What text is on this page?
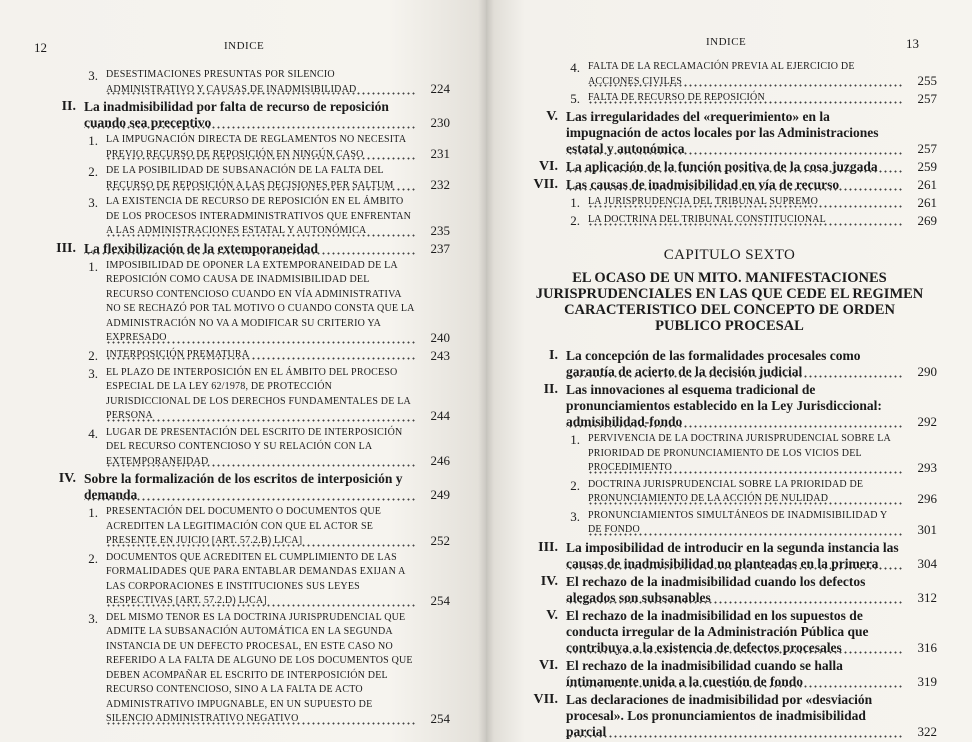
12	INDICE
3. DESESTIMACIONES PRESUNTAS POR SILENCIO ADMINISTRATIVO Y CAUSAS DE INADMISIBILIDAD	224
II. La inadmisibilidad por falta de recurso de reposición cuando sea preceptivo	230
1. LA IMPUGNACIÓN DIRECTA DE REGLAMENTOS NO NECESITA PREVIO RECURSO DE REPOSICIÓN EN NINGÚN CASO	231
2. DE LA POSIBILIDAD DE SUBSANACIÓN DE LA FALTA DEL RECURSO DE REPOSICIÓN A LAS DECISIONES PER SALTUM	232
3. LA EXISTENCIA DE RECURSO DE REPOSICIÓN EN EL ÁMBITO DE LOS PROCESOS INTERADMINISTRATIVOS QUE ENFRENTAN A LAS ADMINISTRACIONES ESTATAL Y AUTONÓMICA	235
III. La flexibilización de la extemporaneidad	237
1. IMPOSIBILIDAD DE OPONER LA EXTEMPORANEIDAD DE LA REPOSICIÓN COMO CAUSA DE INADMISIBILIDAD DEL RECURSO CONTENCIOSO CUANDO EN VÍA ADMINISTRATIVA NO SE RECHAZÓ POR TAL MOTIVO O CUANDO CONSTA QUE LA ADMINISTRACIÓN NO VA A MODIFICAR SU CRITERIO YA EXPRESADO	240
2. INTERPOSICIÓN PREMATURA	243
3. EL PLAZO DE INTERPOSICIÓN EN EL ÁMBITO DEL PROCESO ESPECIAL DE LA LEY 62/1978, DE PROTECCIÓN JURISDICCIONAL DE LOS DERECHOS FUNDAMENTALES DE LA PERSONA	244
4. LUGAR DE PRESENTACIÓN DEL ESCRITO DE INTERPOSICIÓN DEL RECURSO CONTENCIOSO Y SU RELACIÓN CON LA EXTEMPORANEIDAD	246
IV. Sobre la formalización de los escritos de interposición y demanda	249
1. PRESENTACIÓN DEL DOCUMENTO O DOCUMENTOS QUE ACREDITEN LA LEGITIMACIÓN CON QUE EL ACTOR SE PRESENTE EN JUICIO [ART. 57.2.B) LJCA]	252
2. DOCUMENTOS QUE ACREDITEN EL CUMPLIMIENTO DE LAS FORMALIDADES QUE PARA ENTABLAR DEMANDAS EXIJAN A LAS CORPORACIONES E INSTITUCIONES SUS LEYES RESPECTIVAS [ART. 57.2.D) LJCA]	254
3. DEL MISMO TENOR ES LA DOCTRINA JURISPRUDENCIAL QUE ADMITE LA SUBSANACIÓN AUTOMÁTICA EN LA SEGUNDA INSTANCIA DE UN DEFECTO PROCESAL, EN ESTE CASO NO REFERIDO A LA FALTA DE ALGUNO DE LOS DOCUMENTOS QUE DEBEN ACOMPAÑAR EL ESCRITO DE INTERPOSICIÓN DEL RECURSO CONTENCIOSO, SINO A LA FALTA DE ACTO ADMINISTRATIVO IMPUGNABLE, EN UN SUPUESTO DE SILENCIO ADMINISTRATIVO NEGATIVO	254
INDICE	13
4. FALTA DE LA RECLAMACIÓN PREVIA AL EJERCICIO DE ACCIONES CIVILES	255
5. FALTA DE RECURSO DE REPOSICIÓN	257
V. Las irregularidades del «requerimiento» en la impugnación de actos locales por las Administraciones estatal y autonómica	257
VI. La aplicación de la función positiva de la cosa juzgada	259
VII. Las causas de inadmisibilidad en vía de recurso	261
1. LA JURISPRUDENCIA DEL TRIBUNAL SUPREMO	261
2. LA DOCTRINA DEL TRIBUNAL CONSTITUCIONAL	269
CAPITULO SEXTO
EL OCASO DE UN MITO. MANIFESTACIONES JURISPRUDENCIALES EN LAS QUE CEDE EL REGIMEN CARACTERISTICO DEL CONCEPTO DE ORDEN PUBLICO PROCESAL
I. La concepción de las formalidades procesales como garantía de acierto de la decisión judicial	290
II. Las innovaciones al esquema tradicional de pronunciamientos establecido en la Ley Jurisdiccional: admisibilidad-fondo	292
1. PERVIVENCIA DE LA DOCTRINA JURISPRUDENCIAL SOBRE LA PRIORIDAD DE PRONUNCIAMIENTO DE LOS VICIOS DEL PROCEDIMIENTO	293
2. DOCTRINA JURISPRUDENCIAL SOBRE LA PRIORIDAD DE PRONUNCIAMIENTO DE LA ACCIÓN DE NULIDAD	296
3. PRONUNCIAMIENTOS SIMULTÁNEOS DE INADMISIBILIDAD Y DE FONDO	301
III. La imposibilidad de introducir en la segunda instancia las causas de inadmisibilidad no planteadas en la primera	304
IV. El rechazo de la inadmisibilidad cuando los defectos alegados son subsanables	312
V. El rechazo de la inadmisibilidad en los supuestos de conducta irregular de la Administración Pública que contribuya a la existencia de defectos procesales	316
VI. El rechazo de la inadmisibilidad cuando se halla íntimamente unida a la cuestión de fondo	319
VII. Las declaraciones de inadmisibilidad por «desviación procesal». Los pronunciamientos de inadmisibilidad parcial	322
